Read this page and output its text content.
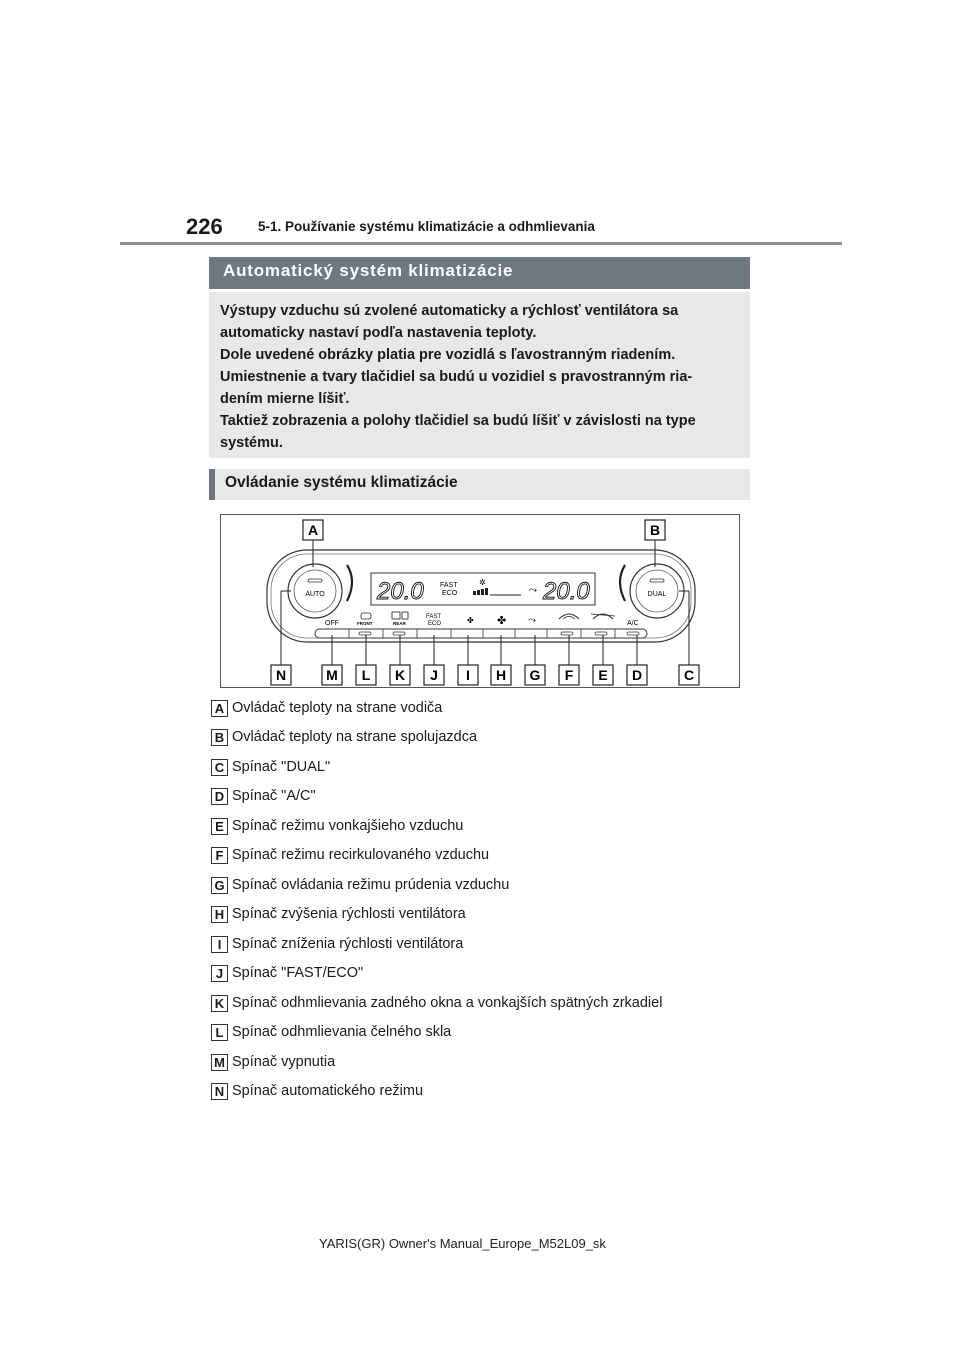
226	5-1. Používanie systému klimatizácie a odhmlievania
Automatický systém klimatizácie

Výstupy vzduchu sú zvolené automaticky a rýchlosť ventilátora sa

automaticky nastaví podľa nastavenia teploty.

Dole uvedené obrázky platia pre vozidlá s ľavostranným riadením.

Umiestnenie a tvary tlačidiel sa budú u vozidiel s pravostranným ria-

dením mierne líšiť.

Taktiež zobrazenia a polohy tlačidiel sa budú líšiť v závislosti na type

systému.

Ovládanie systému klimatizácie
AUTO	DUAL
20.0 FAST
ECO
✲
⤳ 20.0
OFF	FRONT	REAR
FAST
ECO	✤ ✤ ⤳	A/C
A	B
N	M L K J I H G F E D	C
A Ovládač teploty na strane vodiča
B Ovládač teploty na strane spolujazdca
C Spínač "DUAL"
D Spínač "A/C"
E Spínač režimu vonkajšieho vzduchu
F Spínač režimu recirkulovaného vzduchu
G Spínač ovládania režimu prúdenia vzduchu
H Spínač zvýšenia rýchlosti ventilátora
I Spínač zníženia rýchlosti ventilátora
J Spínač "FAST/ECO"
K Spínač odhmlievania zadného okna a vonkajších spätných zrkadiel
L Spínač odhmlievania čelného skla
M Spínač vypnutia
N Spínač automatického režimu
YARIS(GR) Owner's Manual_Europe_M52L09_sk
